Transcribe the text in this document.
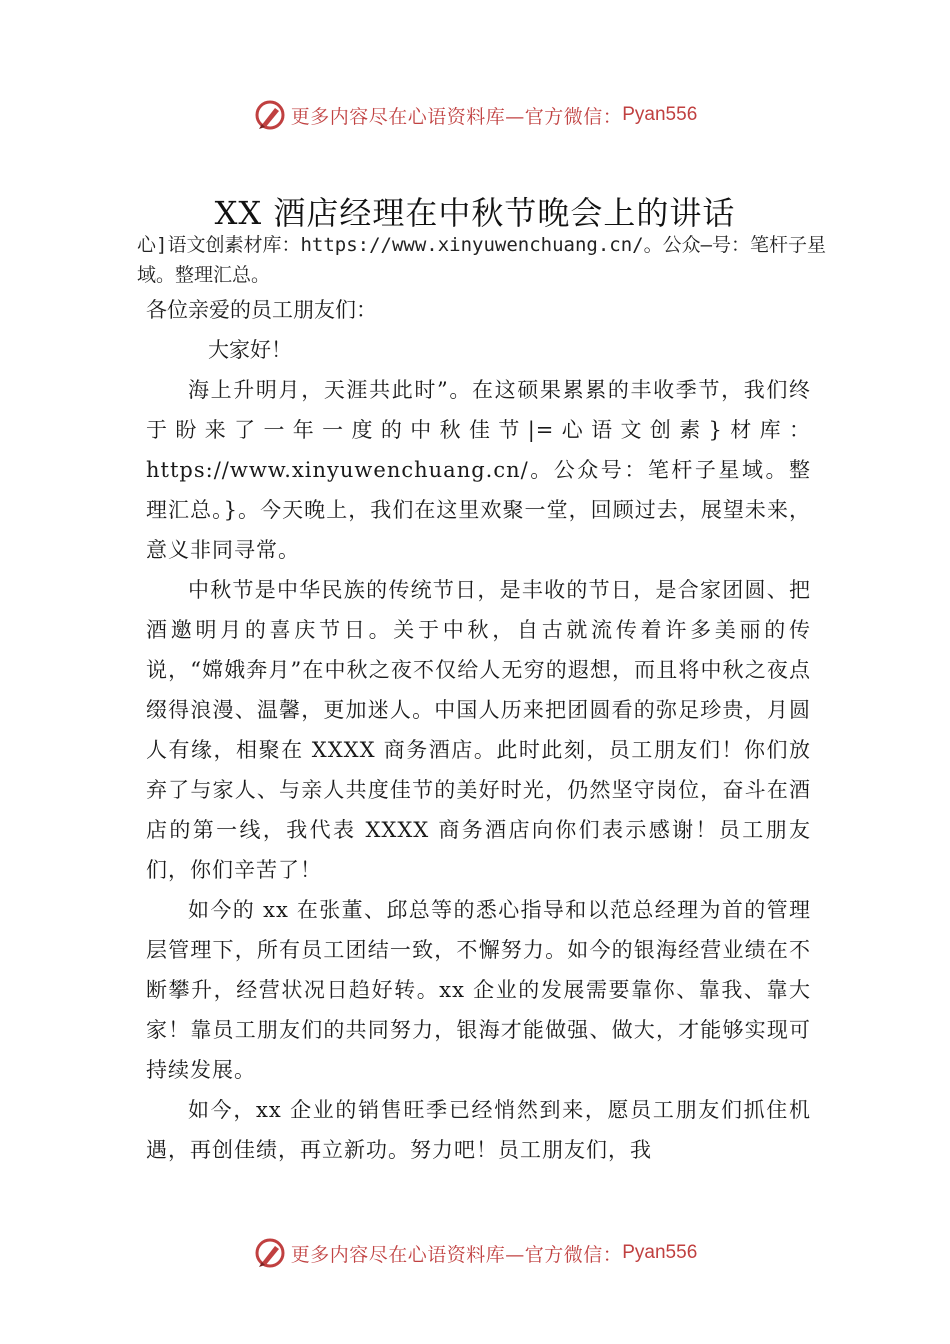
更多内容尽在心语资料库—官方微信： Pyan556
XX 酒店经理在中秋节晚会上的讲话
心]语文创素材库：https://www.xinyuwenchuang.cn/。公众—号：笔杆子星域。整理汇总。

各位亲爱的员工朋友们：

大家好！

海上升明月，天涯共此时”。在这硕果累累的丰收季节，我们终于盼来了一年一度的中秋佳节|=心语文创素}材库：https://www.xinyuwenchuang.cn/。公众号：笔杆子星域。整理汇总。}。今天晚上，我们在这里欢聚一堂，回顾过去，展望未来，意义非同寻常。

中秋节是中华民族的传统节日，是丰收的节日，是合家团圆、把酒邀明月的喜庆节日。关于中秋，自古就流传着许多美丽的传说，“嫦娥奔月”在中秋之夜不仅给人无穷的遐想，而且将中秋之夜点缀得浪漫、温馨，更加迷人。中国人历来把团圆看的弥足珍贵，月圆人有缘，相聚在 XXXX 商务酒店。此时此刻，员工朋友们！你们放弃了与家人、与亲人共度佳节的美好时光，仍然坚守岗位，奋斗在酒店的第一线，我代表 XXXX 商务酒店向你们表示感谢！员工朋友们，你们辛苦了！

如今的 xx 在张董、邱总等的悉心指导和以范总经理为首的管理层管理下，所有员工团结一致，不懈努力。如今的银海经营业绩在不断攀升，经营状况日趋好转。xx 企业的发展需要靠你、靠我、靠大家！靠员工朋友们的共同努力，银海才能做强、做大，才能够实现可持续发展。

如今，xx 企业的销售旺季已经悄然到来，愿员工朋友们抓住机遇，再创佳绩，再立新功。努力吧！员工朋友们，我

更多内容尽在心语资料库—官方微信： Pyan556
